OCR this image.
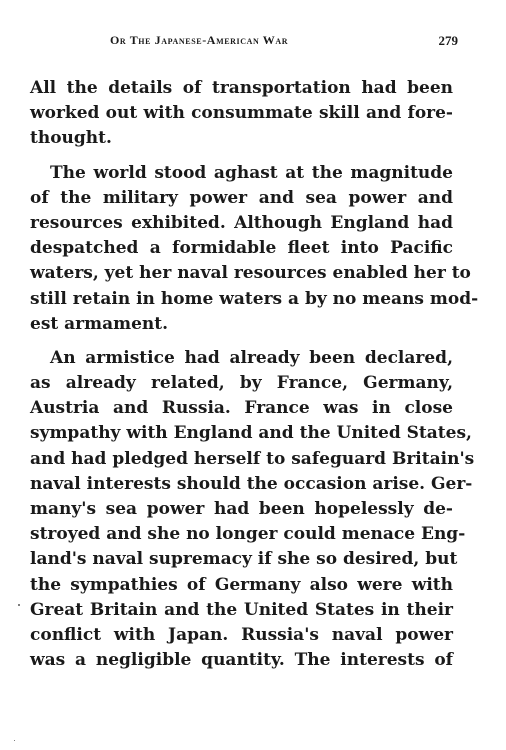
Or The Japanese-American War	279
All the details of transportation had been
worked out with consummate skill and fore-
thought.
The world stood aghast at the magnitude
of the military power and sea power and
resources exhibited. Although England had
despatched a formidable fleet into Pacific
waters, yet her naval resources enabled her to
still retain in home waters a by no means mod-
est armament.
An armistice had already been declared,
as already related, by France, Germany,
Austria and Russia. France was in close
sympathy with England and the United States,
and had pledged herself to safeguard Britain's
naval interests should the occasion arise. Ger-
many's sea power had been hopelessly de-
stroyed and she no longer could menace Eng-
land's naval supremacy if she so desired, but
the sympathies of Germany also were with
Great Britain and the United States in their
conflict with Japan. Russia's naval power
was a negligible quantity. The interests of
